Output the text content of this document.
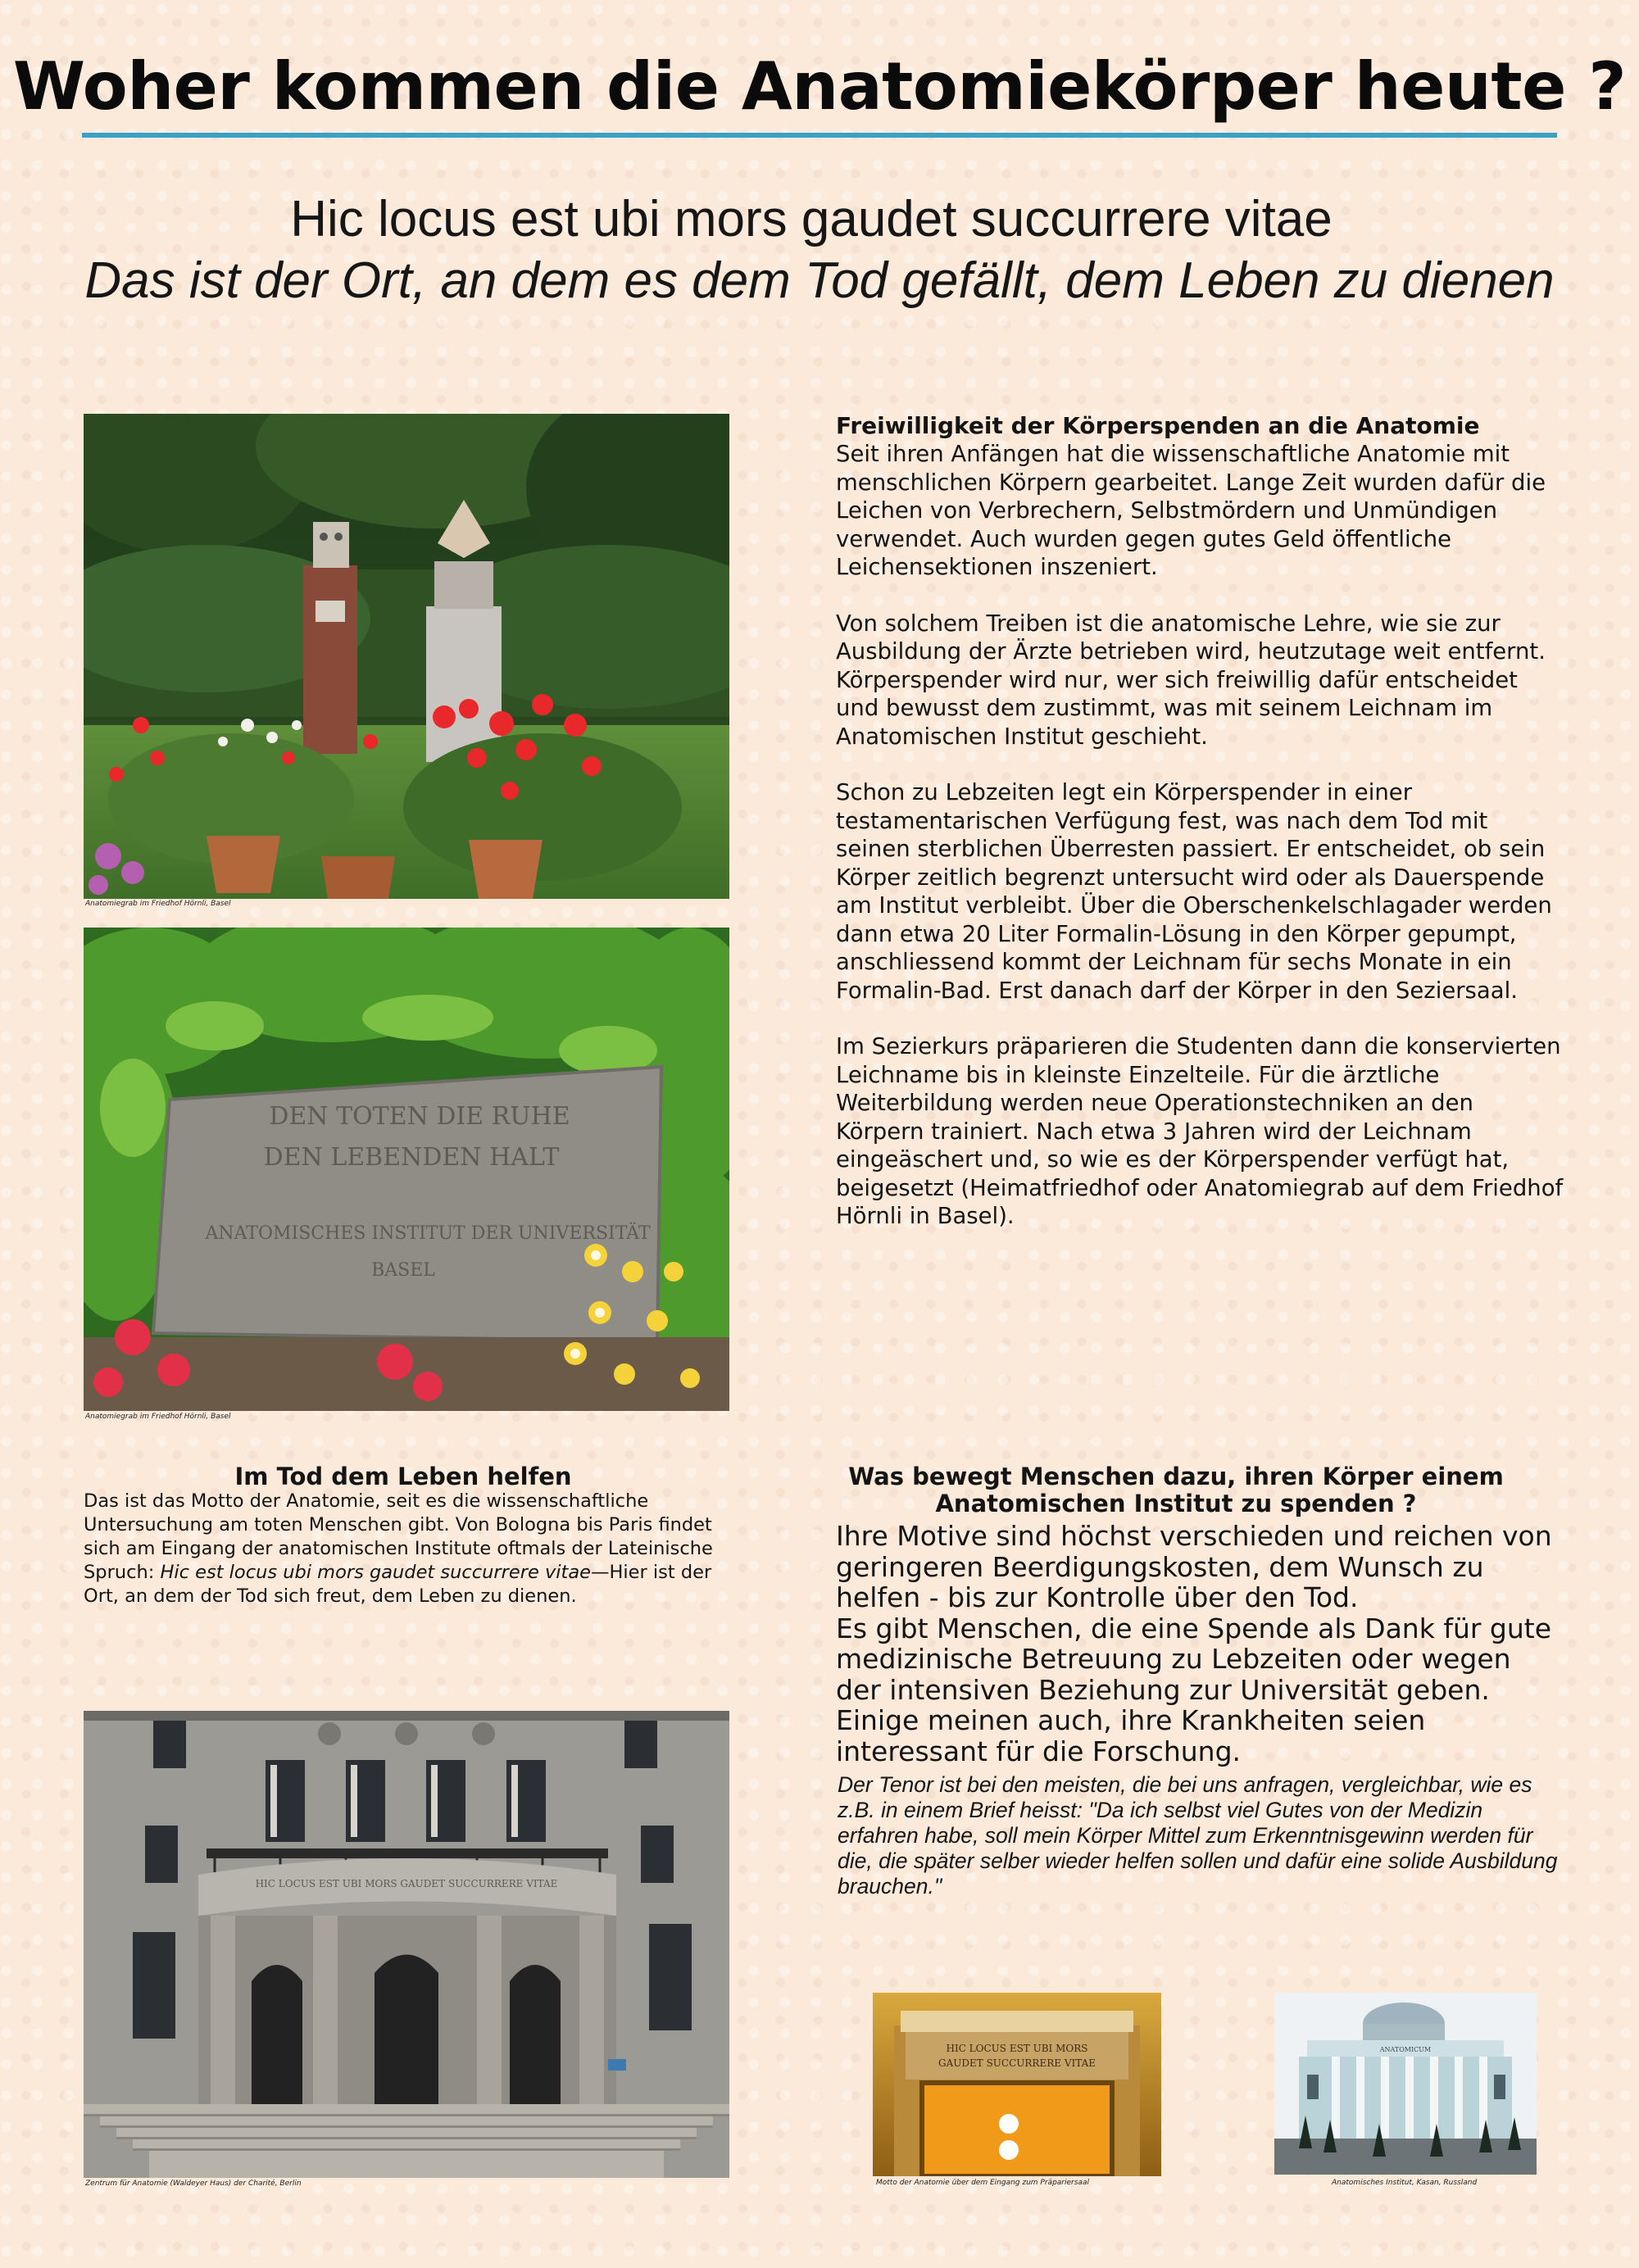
Woher kommen die Anatomiekörper heute ?
Hic locus est ubi mors gaudet succurrere vitae
Das ist der Ort, an dem es dem Tod gefällt, dem Leben zu dienen
Anatomiegrab im Friedhof Hörnli, Basel
DEN TOTEN DIE RUHE
DEN LEBENDEN HALT
ANATOMISCHES INSTITUT DER UNIVERSITÄT
BASEL
Anatomiegrab im Friedhof Hörnli, Basel
Freiwilligkeit der Körperspenden an die Anatomie

Seit ihren Anfängen hat die wissenschaftliche Anatomie mit menschlichen Körpern gearbeitet. Lange Zeit wurden dafür die Leichen von Verbrechern, Selbstmördern und Unmündigen verwendet. Auch wurden gegen gutes Geld öffentliche Leichensektionen inszeniert.

Von solchem Treiben ist die anatomische Lehre, wie sie zur Ausbildung der Ärzte betrieben wird, heutzutage weit entfernt. Körperspender wird nur, wer sich freiwillig dafür entscheidet und bewusst dem zustimmt, was mit seinem Leichnam im Anatomischen Institut geschieht.

Schon zu Lebzeiten legt ein Körperspender in einer testamentarischen Verfügung fest, was nach dem Tod mit seinen sterblichen Überresten passiert. Er entscheidet, ob sein Körper zeitlich begrenzt untersucht wird oder als Dauerspende am Institut verbleibt. Über die Oberschenkelschlagader werden dann etwa 20 Liter Formalin-Lösung in den Körper gepumpt, anschliessend kommt der Leichnam für sechs Monate in ein Formalin-Bad. Erst danach darf der Körper in den Seziersaal.

Im Sezierkurs präparieren die Studenten dann die konservierten Leichname bis in kleinste Einzelteile. Für die ärztliche Weiterbildung werden neue Operationstechniken an den Körpern trainiert. Nach etwa 3 Jahren wird der Leichnam eingeäschert und, so wie es der Körperspender verfügt hat, beigesetzt (Heimatfriedhof oder Anatomiegrab auf dem Friedhof Hörnli in Basel).

Im Tod dem Leben helfen
Das ist das Motto der Anatomie, seit es die wissenschaftliche Untersuchung am toten Menschen gibt. Von Bologna bis Paris findet sich am Eingang der anatomischen Institute oftmals der Lateinische Spruch: Hic est locus ubi mors gaudet succurrere vitae—Hier ist der Ort, an dem der Tod sich freut, dem Leben zu dienen.
Was bewegt Menschen dazu, ihren Körper einem Anatomischen Institut zu spenden ?
Ihre Motive sind höchst verschieden und reichen von geringeren Beerdigungskosten, dem Wunsch zu helfen - bis zur Kontrolle über den Tod.
Es gibt Menschen, die eine Spende als Dank für gute medizinische Betreuung zu Lebzeiten oder wegen der intensiven Beziehung zur Universität geben. Einige meinen auch, ihre Krankheiten seien interessant für die Forschung.
Der Tenor ist bei den meisten, die bei uns anfragen, vergleichbar, wie es z.B. in einem Brief heisst: "Da ich selbst viel Gutes von der Medizin erfahren habe, soll mein Körper Mittel zum Erkenntnisgewinn werden für die, die später selber wieder helfen sollen und dafür eine solide Ausbildung brauchen."
HIC LOCUS EST UBI MORS GAUDET SUCCURRERE VITAE
Zentrum für Anatomie (Waldeyer Haus) der Charité, Berlin
HIC LOCUS EST UBI MORS
GAUDET SUCCURRERE VITAE
Motto der Anatomie über dem Eingang zum Präpariersaal
ANATOMICUM
Anatomisches Institut, Kasan, Russland
